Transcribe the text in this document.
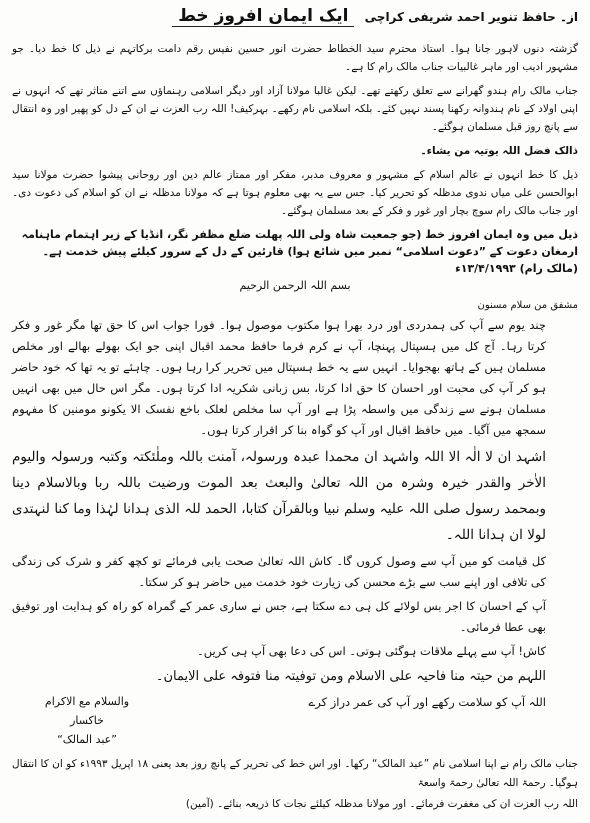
از۔ حافظ تنویر احمد شریفی کراچی
ایک ایمان افروز خط

گزشتہ دنوں لاہور جانا ہوا۔ استاذ محترم سید الخطاط حضرت انور حسین نفیس رقم دامت برکاتہم نے ذیل کا خط دیا۔ جو مشہور ادیب اور ماہر غالبیات جناب مالک رام کا ہے۔

جناب مالک رام ہندو گھرانے سے تعلق رکھتے تھے۔ لیکن غالبا مولانا آزاد اور دیگر اسلامی رہنماؤں سے اتنے متاثر تھے کہ انہوں نے اپنی اولاد کے نام ہندوانہ رکھنا پسند نہیں کئے۔ بلکہ اسلامی نام رکھے۔ بہرکیف! اللہ رب العزت نے ان کے دل کو پھیر اور وہ انتقال سے پانچ روز قبل مسلمان ہوگئے۔

ذالک فضل اللہ یوتیہ من یشاء۔

ذیل کا خط انہوں نے عالم اسلام کے مشہور و معروف مدبر، مفکر اور ممتاز عالم دین اور روحانی پیشوا حضرت مولانا سید ابوالحسن علی میاں ندوی مدظلہ کو تحریر کیا۔ جس سے یہ بھی معلوم ہوتا ہے کہ مولانا مدظلہ نے ان کو اسلام کی دعوت دی۔ اور جناب مالک رام سوچ بچار اور غور و فکر کے بعد مسلمان ہوگئے۔

ذیل میں وہ ایمان افروز خط (جو جمعیت شاہ ولی اللہ پھلت ضلع مظفر نگر، انڈیا کے زیر اہتمام ماہنامہ ارمغان دعوت کے ”دعوت اسلامی“ نمبر میں شائع ہوا) قارئین کے دل کے سرور کیلئے پیش خدمت ہے۔ (مالک رام) ۱۳/۴/۱۹۹۳ء
بسم اللہ الرحمن الرحیم
مشفق من سلام مسنون

چند یوم سے آپ کی ہمدردی اور درد بھرا ہوا مکتوب موصول ہوا۔ فورا جواب اس کا حق تھا مگر غور و فکر کرتا رہا۔ آج کل میں ہسپتال پہنچا، آپ نے کرم فرما حافظ محمد اقبال اپنی جو ایک بھولے بھالے اور مخلص مسلمان ہیں کے ہاتھ بھجوایا۔ انہیں سے یہ خط ہسپتال میں تحریر کرا رہا ہوں۔ چاہئے تو یہ تھا کہ خود حاضر ہو کر آپ کی محبت اور احسان کا حق ادا کرتا، بس زبانی شکریہ ادا کرتا ہوں۔ مگر اس حال میں بھی انہیں مسلمان ہونے سے زندگی میں واسطہ پڑا ہے اور آپ سا مخلص لعلک باخع نفسک الا یکونو مومنین کا مفہوم سمجھ میں آگیا۔ میں حافظ اقبال اور آپ کو گواہ بنا کر اقرار کرتا ہوں۔

اشہد ان لا الٰہ الا اللہ واشہد ان محمدا عبدہ ورسولہ، آمنت باللہ وملٰئکتہ وکتبہ ورسولہ والیوم الاٰخر والقدر خیرہ وشرہ من اللہ تعالیٰ والبعث بعد الموت ورضیت باللہ ربا وبالاسلام دینا وبمحمد رسول صلی اللہ علیہ وسلم نبیا وبالقرآن کتابا، الحمد للہ الذی ہدانا لہٰذا وما کنا لنہتدی لولا ان ہدانا اللہ۔

کل قیامت کو میں آپ سے وصول کروں گا۔ کاش اللہ تعالیٰ صحت یابی فرمائے تو کچھ کفر و شرک کی زندگی کی تلافی اور اپنے سب سے بڑے محسن کی زیارت خود خدمت میں حاضر ہو کر سکتا۔

آپ کے احسان کا اجر بس لولائے کل ہی دے سکتا ہے، جس نے ساری عمر کے گمراہ کو راہ کو ہدایت اور توفیق بھی عطا فرمائی۔

کاش! آپ سے پہلے ملاقات ہوگئی ہوتی۔ اس کی دعا بھی آپ ہی کریں۔

اللہم من حیتہ منا فاحیہ علی الاسلام ومن توفیتہ منا فتوفہ علی الایمان۔

اللہ آپ کو سلامت رکھے اور آپ کی عمر دراز کرے
والسلام مع الاکرام
خاکسار
”عبد المالک“

جناب مالک رام نے اپنا اسلامی نام ”عبد المالک“ رکھا۔ اور اس خط کی تحریر کے پانچ روز بعد یعنی ۱۸ اپریل ۱۹۹۳ء کو ان کا انتقال ہوگیا۔ رحمۃ اللہ تعالیٰ رحمۃ واسعۃ

اللہ رب العزت ان کی مغفرت فرمائے۔ اور مولانا مدظلہ کیلئے نجات کا ذریعہ بنائے۔ (آمین)
